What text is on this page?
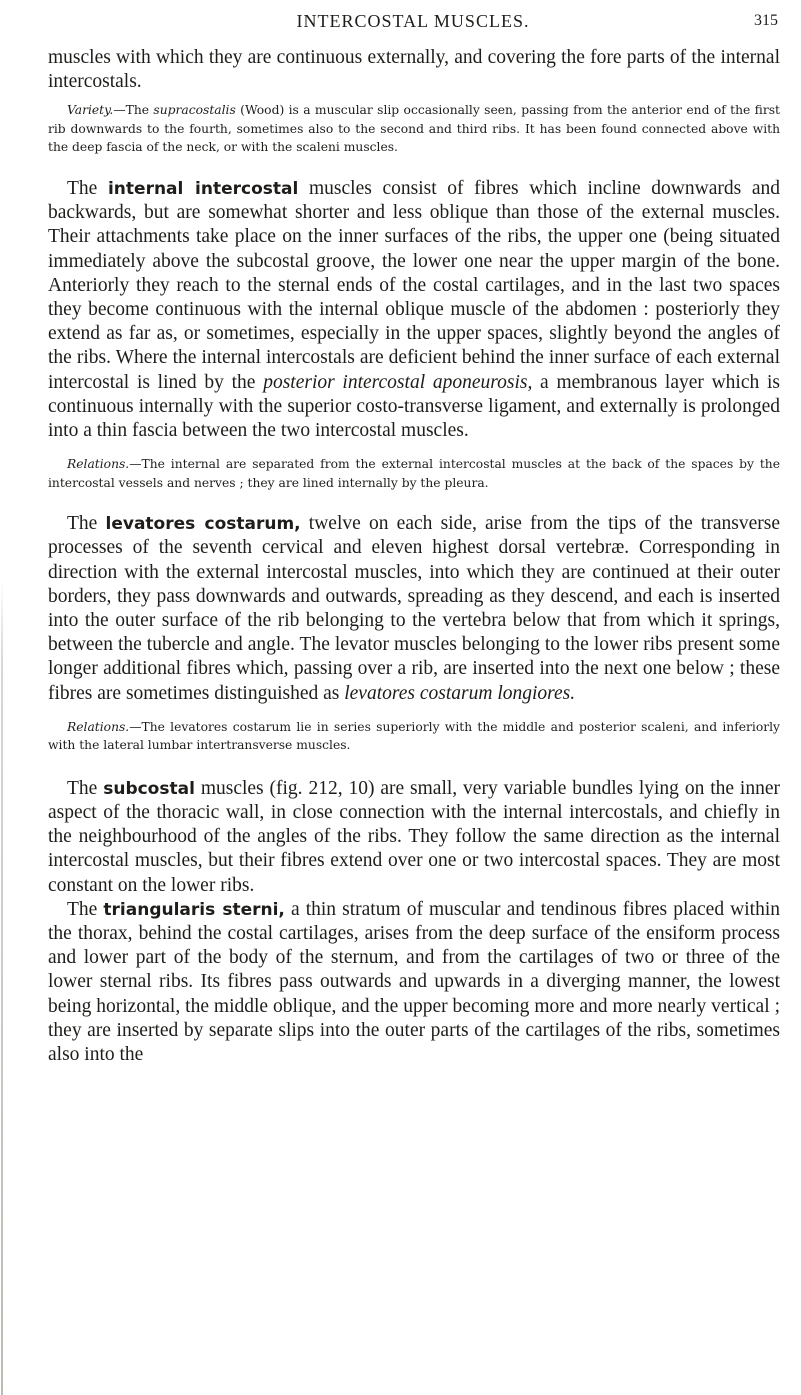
INTERCOSTAL MUSCLES.	315

muscles with which they are continuous externally, and covering the fore parts of the internal intercostals.

Variety.—The supracostalis (Wood) is a muscular slip occasionally seen, passing from the anterior end of the first rib downwards to the fourth, sometimes also to the second and third ribs. It has been found connected above with the deep fascia of the neck, or with the scaleni muscles.

The internal intercostal muscles consist of fibres which incline downwards and backwards, but are somewhat shorter and less oblique than those of the external muscles. Their attachments take place on the inner surfaces of the ribs, the upper one (being situated immediately above the subcostal groove, the lower one near the upper margin of the bone. Anteriorly they reach to the sternal ends of the costal cartilages, and in the last two spaces they become continuous with the internal oblique muscle of the abdomen : posteriorly they extend as far as, or sometimes, especially in the upper spaces, slightly beyond the angles of the ribs. Where the internal intercostals are deficient behind the inner surface of each external intercostal is lined by the posterior intercostal aponeurosis, a membranous layer which is continuous internally with the superior costo-transverse ligament, and externally is prolonged into a thin fascia between the two intercostal muscles.

Relations.—The internal are separated from the external intercostal muscles at the back of the spaces by the intercostal vessels and nerves ; they are lined internally by the pleura.

The levatores costarum, twelve on each side, arise from the tips of the transverse processes of the seventh cervical and eleven highest dorsal vertebræ. Corresponding in direction with the external intercostal muscles, into which they are continued at their outer borders, they pass downwards and outwards, spreading as they descend, and each is inserted into the outer surface of the rib belonging to the vertebra below that from which it springs, between the tubercle and angle. The levator muscles belonging to the lower ribs present some longer additional fibres which, passing over a rib, are inserted into the next one below ; these fibres are sometimes distinguished as levatores costarum longiores.

Relations.—The levatores costarum lie in series superiorly with the middle and posterior scaleni, and inferiorly with the lateral lumbar intertransverse muscles.

The subcostal muscles (fig. 212, 10) are small, very variable bundles lying on the inner aspect of the thoracic wall, in close connection with the internal intercostals, and chiefly in the neighbourhood of the angles of the ribs. They follow the same direction as the internal intercostal muscles, but their fibres extend over one or two intercostal spaces. They are most constant on the lower ribs.

The triangularis sterni, a thin stratum of muscular and tendinous fibres placed within the thorax, behind the costal cartilages, arises from the deep surface of the ensiform process and lower part of the body of the sternum, and from the cartilages of two or three of the lower sternal ribs. Its fibres pass outwards and upwards in a diverging manner, the lowest being horizontal, the middle oblique, and the upper becoming more and more nearly vertical ; they are inserted by separate slips into the outer parts of the cartilages of the ribs, sometimes also into the
